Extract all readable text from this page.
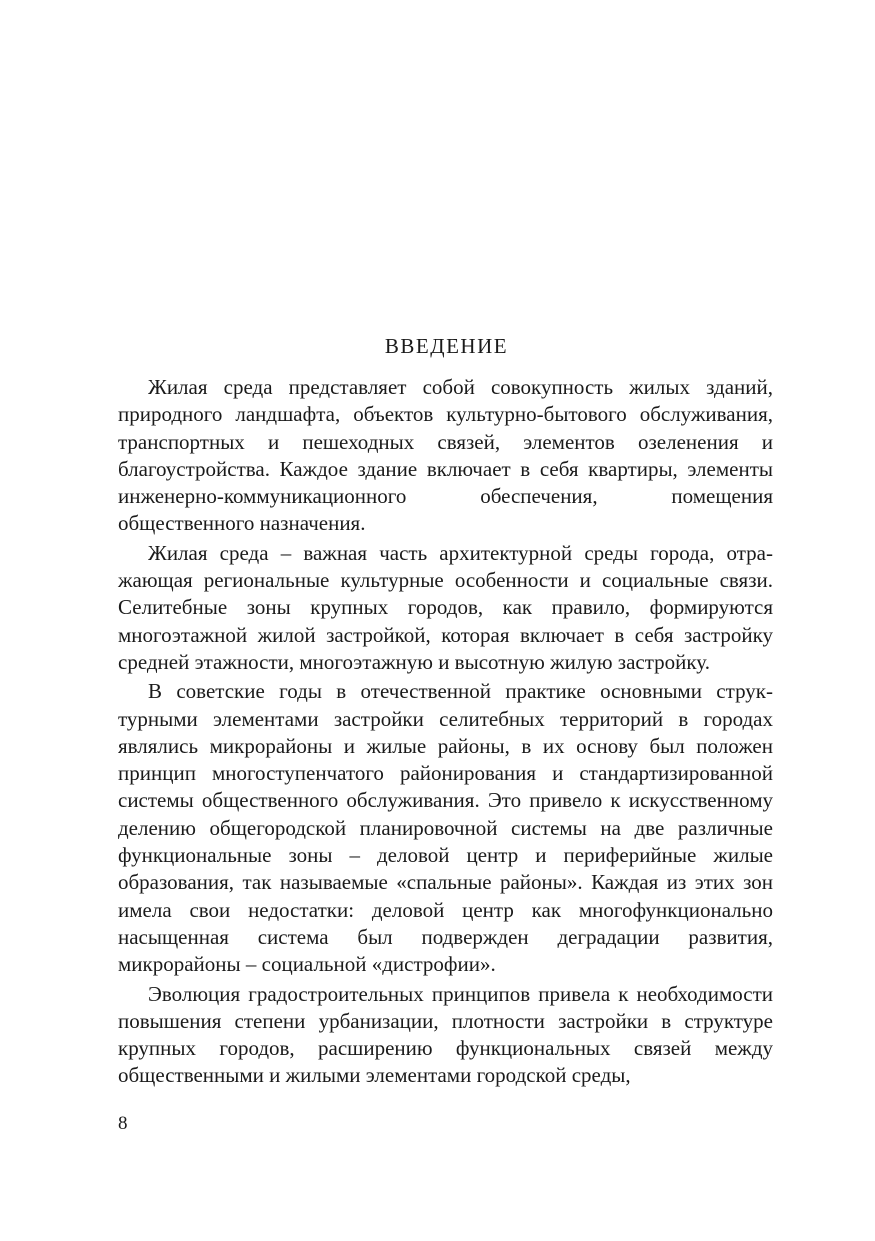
ВВЕДЕНИЕ

Жилая среда представляет собой совокупность жилых зданий, природного ландшафта, объектов культурно-бытового обслуживания, транспортных и пешеходных связей, элементов озеленения и благоустройства. Каждое здание включает в себя квартиры, элементы инженерно-коммуникационного обеспечения, помещения общественного назначения.

Жилая среда – важная часть архитектурной среды города, отражающая региональные культурные особенности и социальные связи. Селитебные зоны крупных городов, как правило, формируются многоэтажной жилой застройкой, которая включает в себя застройку средней этажности, многоэтажную и высотную жилую застройку.

В советские годы в отечественной практике основными структурными элементами застройки селитебных территорий в городах являлись микрорайоны и жилые районы, в их основу был положен принцип многоступенчатого районирования и стандартизированной системы общественного обслуживания. Это привело к искусственному делению общегородской планировочной системы на две различные функциональные зоны – деловой центр и периферийные жилые образования, так называемые «спальные районы». Каждая из этих зон имела свои недостатки: деловой центр как многофункционально насыщенная система был подвержден деградации развития, микрорайоны – социальной «дистрофии».

Эволюция градостроительных принципов привела к необходимости повышения степени урбанизации, плотности застройки в структуре крупных городов, расширению функциональных связей между общественными и жилыми элементами городской среды,

8
